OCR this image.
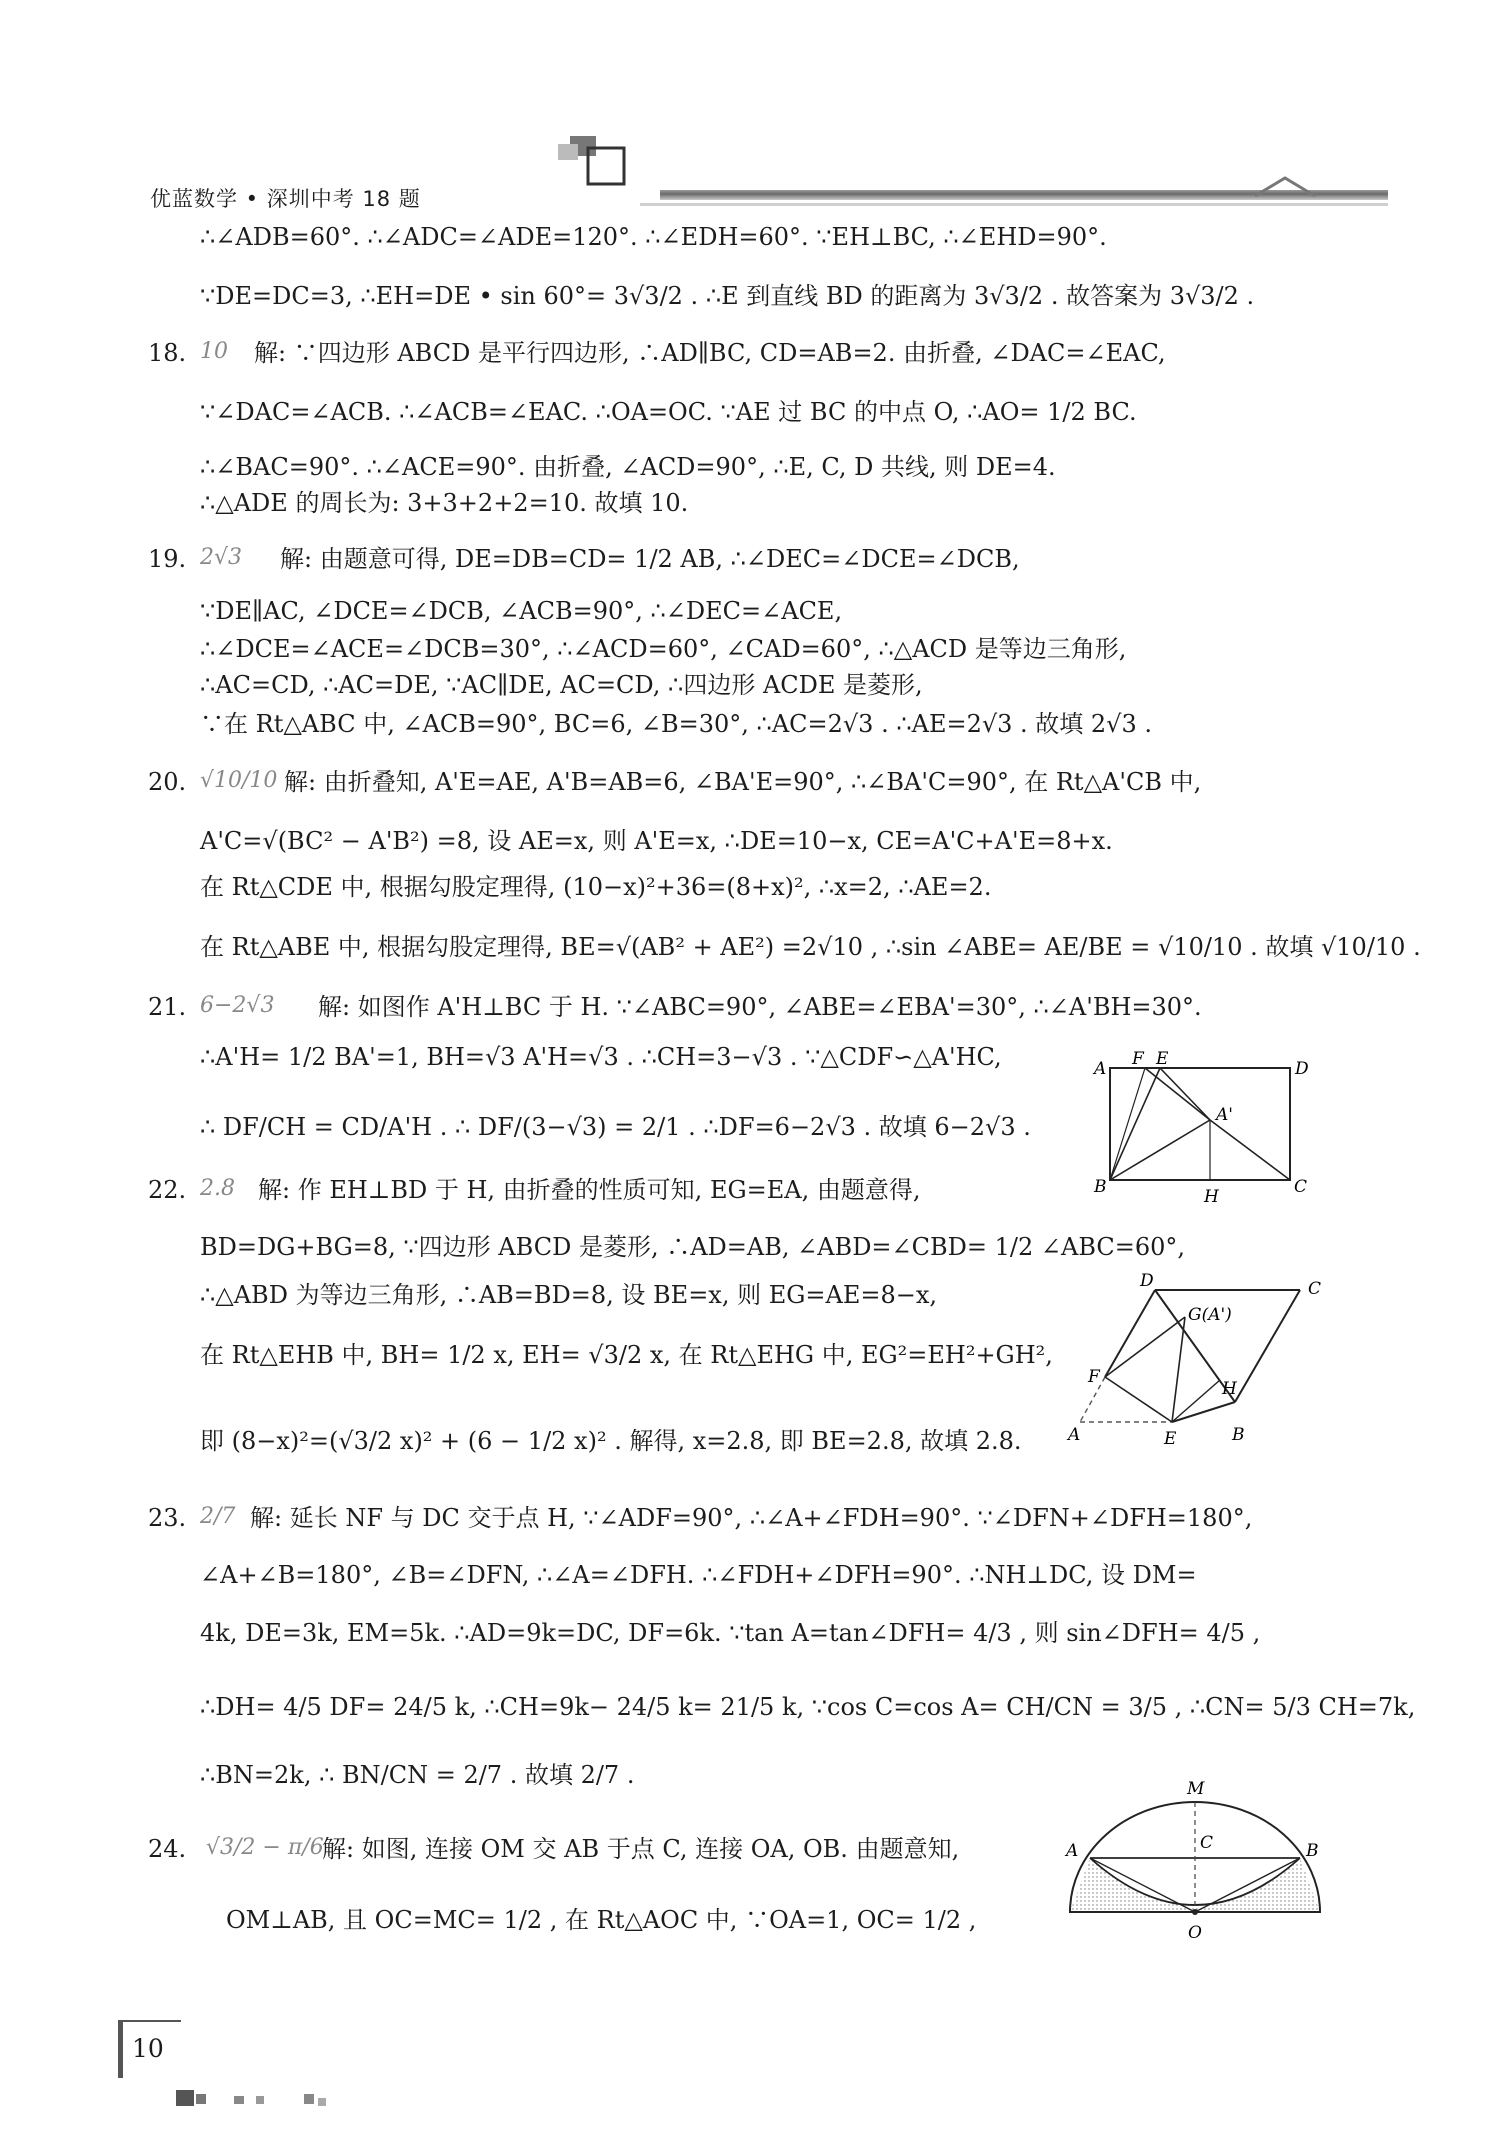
优蓝数学 • 深圳中考 18 题
∴∠ADB=60°. ∴∠ADC=∠ADE=120°. ∴∠EDH=60°. ∵EH⊥BC, ∴∠EHD=90°.
∵DE=DC=3, ∴EH=DE • sin 60°= 3√3/2 . ∴E 到直线 BD 的距离为 3√3/2 . 故答案为 3√3/2 .
18. 10 解: ∵四边形 ABCD 是平行四边形, ∴AD∥BC, CD=AB=2. 由折叠, ∠DAC=∠EAC,
∵∠DAC=∠ACB. ∴∠ACB=∠EAC. ∴OA=OC. ∵AE 过 BC 的中点 O, ∴AO= 1/2 BC.
∴∠BAC=90°. ∴∠ACE=90°. 由折叠, ∠ACD=90°, ∴E, C, D 共线, 则 DE=4.
∴△ADE 的周长为: 3+3+2+2=10. 故填 10.
19. 2√3 解: 由题意可得, DE=DB=CD= 1/2 AB, ∴∠DEC=∠DCE=∠DCB,
∵DE∥AC, ∠DCE=∠DCB, ∠ACB=90°, ∴∠DEC=∠ACE,
∴∠DCE=∠ACE=∠DCB=30°, ∴∠ACD=60°, ∠CAD=60°, ∴△ACD 是等边三角形,
∴AC=CD, ∴AC=DE, ∵AC∥DE, AC=CD, ∴四边形 ACDE 是菱形,
∵在 Rt△ABC 中, ∠ACB=90°, BC=6, ∠B=30°, ∴AC=2√3 . ∴AE=2√3 . 故填 2√3 .
20. √10/10 解: 由折叠知, A'E=AE, A'B=AB=6, ∠BA'E=90°, ∴∠BA'C=90°, 在 Rt△A'CB 中,
A'C=√(BC² − A'B²) =8, 设 AE=x, 则 A'E=x, ∴DE=10−x, CE=A'C+A'E=8+x.
在 Rt△CDE 中, 根据勾股定理得, (10−x)²+36=(8+x)², ∴x=2, ∴AE=2.
在 Rt△ABE 中, 根据勾股定理得, BE=√(AB² + AE²) =2√10 , ∴sin ∠ABE= AE/BE = √10/10 . 故填 √10/10 .
21. 6−2√3 解: 如图作 A'H⊥BC 于 H. ∵∠ABC=90°, ∠ABE=∠EBA'=30°, ∴∠A'BH=30°.
∴A'H= 1/2 BA'=1, BH=√3 A'H=√3 . ∴CH=3−√3 . ∵△CDF∽△A'HC,
∴ DF/CH = CD/A'H . ∴ DF/(3−√3) = 2/1 . ∴DF=6−2√3 . 故填 6−2√3 .
A F E	D
A'
B	H	C
22. 2.8 解: 作 EH⊥BD 于 H, 由折叠的性质可知, EG=EA, 由题意得,
BD=DG+BG=8, ∵四边形 ABCD 是菱形, ∴AD=AB, ∠ABD=∠CBD= 1/2 ∠ABC=60°,
∴△ABD 为等边三角形, ∴AB=BD=8, 设 BE=x, 则 EG=AE=8−x,
在 Rt△EHB 中, BH= 1/2 x, EH= √3/2 x, 在 Rt△EHG 中, EG²=EH²+GH²,
即 (8−x)²=(√3/2 x)² + (6 − 1/2 x)² . 解得, x=2.8, 即 BE=2.8, 故填 2.8.
D	C
G(A')
F
H
A	E	B
23. 2/7 解: 延长 NF 与 DC 交于点 H, ∵∠ADF=90°, ∴∠A+∠FDH=90°. ∵∠DFN+∠DFH=180°,
∠A+∠B=180°, ∠B=∠DFN, ∴∠A=∠DFH. ∴∠FDH+∠DFH=90°. ∴NH⊥DC, 设 DM=
4k, DE=3k, EM=5k. ∴AD=9k=DC, DF=6k. ∵tan A=tan∠DFH= 4/3 , 则 sin∠DFH= 4/5 ,
∴DH= 4/5 DF= 24/5 k, ∴CH=9k− 24/5 k= 21/5 k, ∵cos C=cos A= CH/CN = 3/5 , ∴CN= 5/3 CH=7k,
∴BN=2k, ∴ BN/CN = 2/7 . 故填 2/7 .
24. √3/2 − π/6
解: 如图, 连接 OM 交 AB 于点 C, 连接 OA, OB. 由题意知,
OM⊥AB, 且 OC=MC= 1/2 , 在 Rt△AOC 中, ∵OA=1, OC= 1/2 ,
M
C
A	B
O
10
